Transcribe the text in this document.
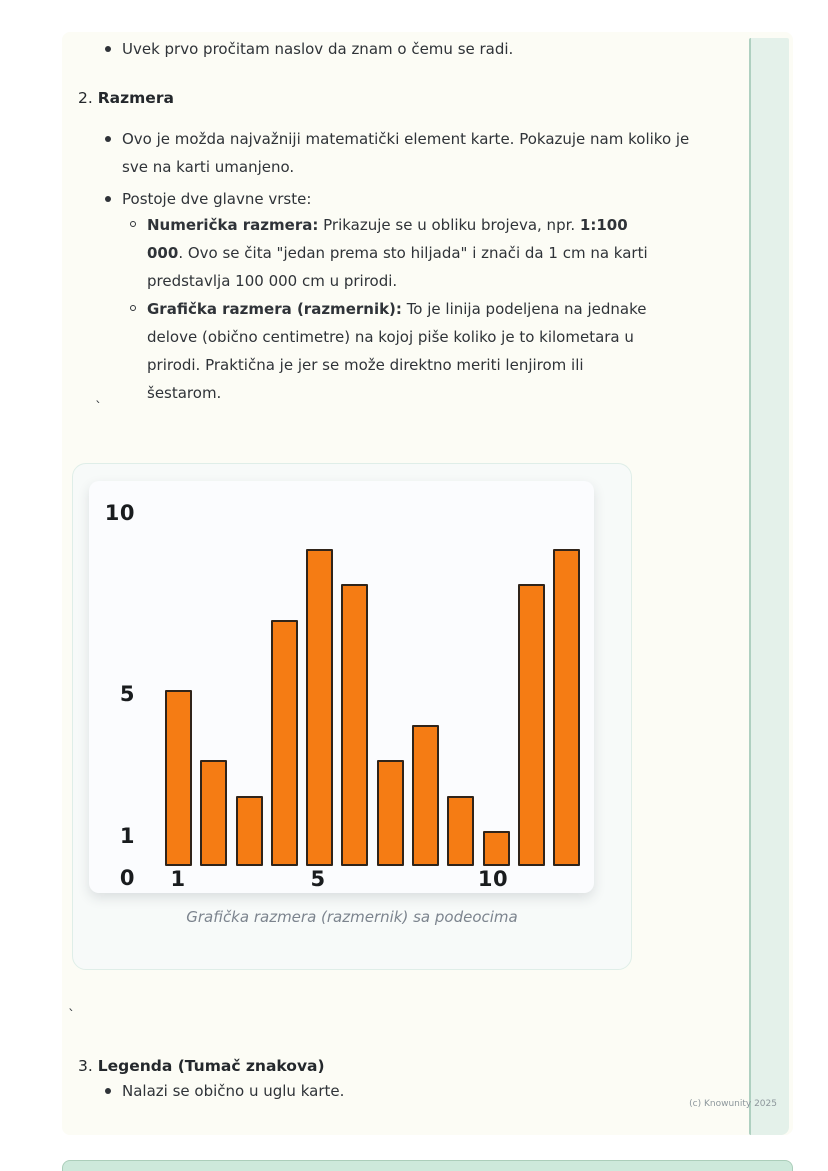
Uvek prvo pročitam naslov da znam o čemu se radi.
2. Razmera
Ovo je možda najvažniji matematički element karte. Pokazuje nam koliko je sve na karti umanjeno.
Postoje dve glavne vrste:
Numerička razmera: Prikazuje se u obliku brojeva, npr. 1:100 000. Ovo se čita "jedan prema sto hiljada" i znači da 1 cm na karti predstavlja 100 000 cm u prirodi.
Grafička razmera (razmernik): To je linija podeljena na jednake delove (obično centimetre) na kojoj piše koliko je to kilometara u prirodi. Praktična je jer se može direktno meriti lenjirom ili šestarom.
`
10
5
1
0	1	5	10
Grafička razmera (razmernik) sa podeocima
`
3. Legenda (Tumač znakova)
Nalazi se obično u uglu karte.
(c) Knowunity 2025
